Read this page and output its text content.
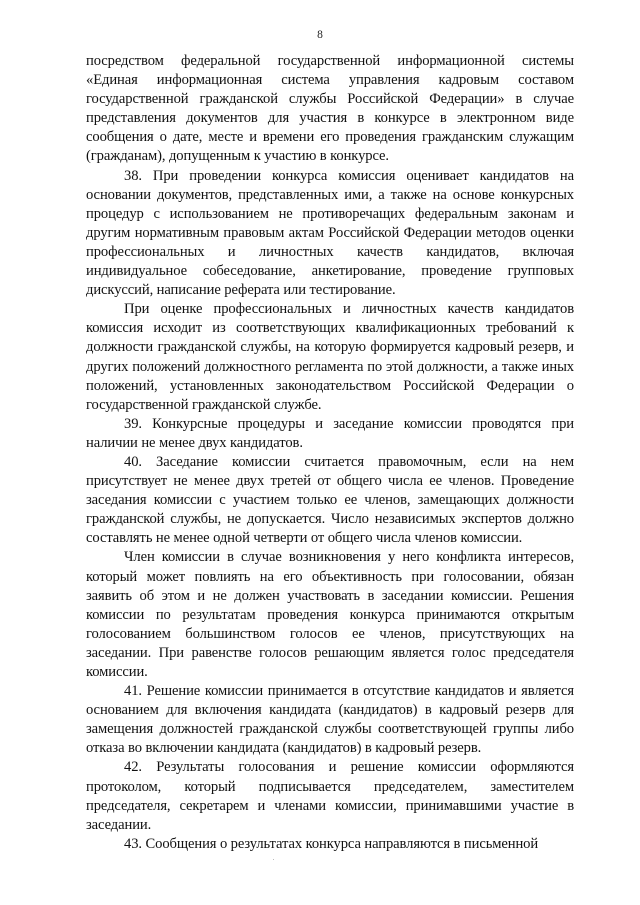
8

посредством федеральной государственной информационной системы «Единая информационная система управления кадровым составом государственной гражданской службы Российской Федерации» в случае представления документов для участия в конкурсе в электронном виде сообщения о дате, месте и времени его проведения гражданским служащим (гражданам), допущенным к участию в конкурсе.

38. При проведении конкурса комиссия оценивает кандидатов на основании документов, представленных ими, а также на основе конкурсных процедур с использованием не противоречащих федеральным законам и другим нормативным правовым актам Российской Федерации методов оценки профессиональных и личностных качеств кандидатов, включая индивидуальное собеседование, анкетирование, проведение групповых дискуссий, написание реферата или тестирование.

При оценке профессиональных и личностных качеств кандидатов комиссия исходит из соответствующих квалификационных требований к должности гражданской службы, на которую формируется кадровый резерв, и других положений должностного регламента по этой должности, а также иных положений, установленных законодательством Российской Федерации о государственной гражданской службе.

39. Конкурсные процедуры и заседание комиссии проводятся при наличии не менее двух кандидатов.

40. Заседание комиссии считается правомочным, если на нем присутствует не менее двух третей от общего числа ее членов. Проведение заседания комиссии с участием только ее членов, замещающих должности гражданской службы, не допускается. Число независимых экспертов должно составлять не менее одной четверти от общего числа членов комиссии.

Член комиссии в случае возникновения у него конфликта интересов, который может повлиять на его объективность при голосовании, обязан заявить об этом и не должен участвовать в заседании комиссии. Решения комиссии по результатам проведения конкурса принимаются открытым голосованием большинством голосов ее членов, присутствующих на заседании. При равенстве голосов решающим является голос председателя комиссии.

41. Решение комиссии принимается в отсутствие кандидатов и является основанием для включения кандидата (кандидатов) в кадровый резерв для замещения должностей гражданской службы соответствующей группы либо отказа во включении кандидата (кандидатов) в кадровый резерв.

42. Результаты голосования и решение комиссии оформляются протоколом, который подписывается председателем, заместителем председателя, секретарем и членами комиссии, принимавшими участие в заседании.

43. Сообщения о результатах конкурса направляются в письменной
